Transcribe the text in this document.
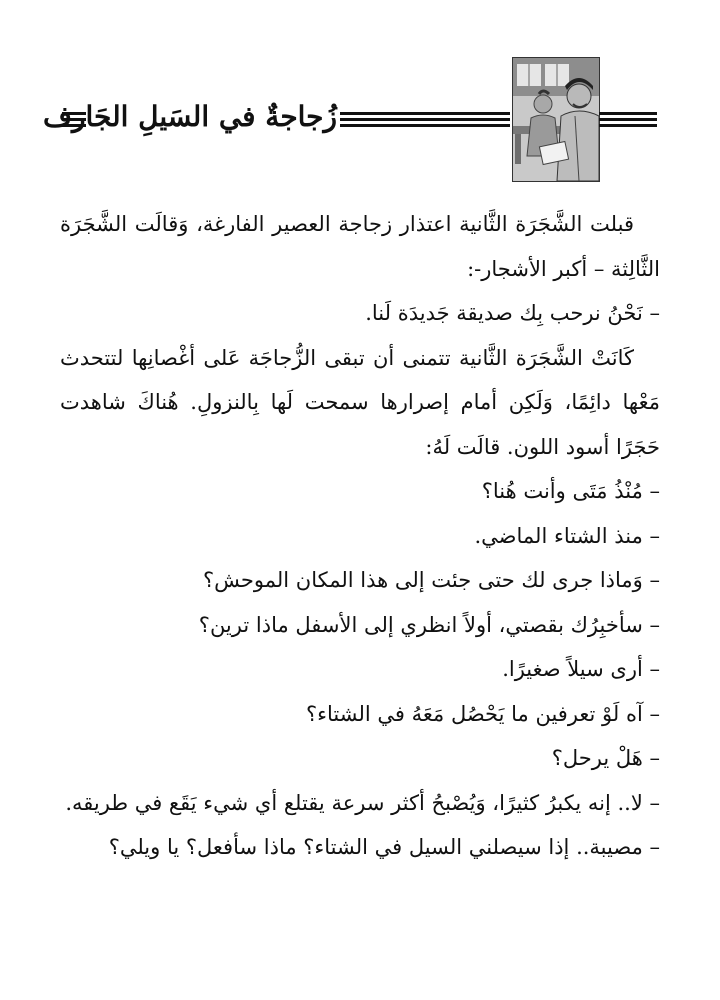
زُجاجةٌ في السَيلِ الجَارف

قبلت الشَّجَرَة الثَّانية اعتذار زجاجة العصير الفارغة، وَقالَت الشَّجَرَة الثَّالِثة – أكبر الأشجار-:

– نَحْنُ نرحب بِك صديقة جَديدَة لَنا.

كَانَتْ الشَّجَرَة الثَّانية تتمنى أن تبقى الزُّجاجَة عَلى أغْصانِها لتتحدث مَعْها دائِمًا، وَلَكِن أمام إصرارها سمحت لَها بِالنزولِ. هُناكَ شاهدت حَجَرًا أسود اللون. قالَت لَهُ:

– مُنْذُ مَتَى وأنت هُنا؟

– منذ الشتاء الماضي.

– وَماذا جرى لك حتى جئت إلى هذا المكان الموحش؟

– سأخبِرُك بقصتي، أولاً انظري إلى الأسفل ماذا ترين؟

– أرى سيلاً صغيرًا.

– آه لَوْ تعرفين ما يَحْصُل مَعَهُ في الشتاء؟

– هَلْ يرحل؟

– لا.. إنه يكبرُ كثيرًا، وَيُصْبحُ أكثر سرعة يقتلع أي شيء يَقَع في طريقه.

– مصيبة.. إذا سيصلني السيل في الشتاء؟ ماذا سأفعل؟ يا ويلي؟
